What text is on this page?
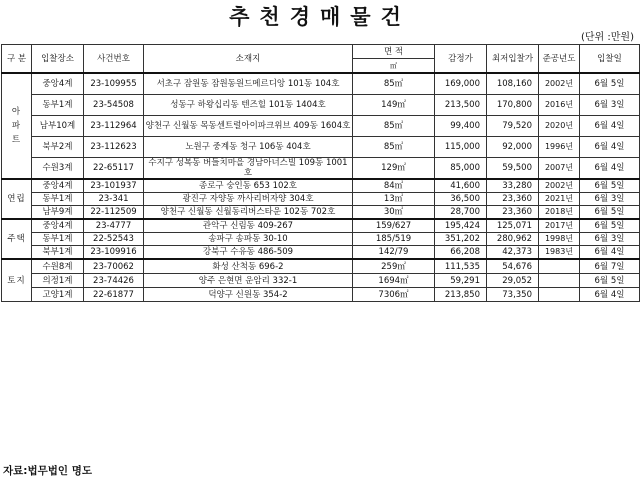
추천경매물건
(단위 :만원)
구 분	입찰장소	사건번호	소재지	면 적	감정가	최저입찰가	준공년도	입찰일
				㎡				
아파트	중앙4계	23-109955	서초구 잠원동 잠원동원드메르디앙 101동 104호	85㎡	169,000	108,160	2002년	6월 5일
	동부1계	23-54508	성동구 하왕십리동 텐즈힐 101동 1404호	149㎡	213,500	170,800	2016년	6월 3일
	남부10계	23-112964	양천구 신월동 목동센트럴아이파크위브 409동 1604호	85㎡	99,400	79,520	2020년	6월 4일
	북부2계	23-112623	노원구 중계동 청구 106동 404호	85㎡	115,000	92,000	1996년	6월 4일
	수원3계	22-65117	수지구 성복동 버들치마을 경남아너스빌 109동 1001호	129㎡	85,000	59,500	2007년	6월 4일
연립	중앙4계	23-101937	종로구 숭인동 653 102호	84㎡	41,600	33,280	2002년	6월 5일
	동부1계	23-341	광진구 자양동 까사리버자양 304호	13㎡	36,500	23,360	2021년	6월 3일
	남부9계	22-112509	양천구 신월동 신월동리버스타운 102동 702호	30㎡	28,700	23,360	2018년	6월 5일
주택	중앙4계	23-4777	관악구 신림동 409-267	159/627	195,424	125,071	2017년	6월 5일
	동부1계	22-52543	송파구 송파동 30-10	185/519	351,202	280,962	1998년	6월 3일
	북부1계	23-109916	강북구 수유동 486-509	142/79	66,208	42,373	1983년	6월 4일
토지	수원8계	23-70062	화성 산척동 696-2	259㎡	111,535	54,676		6월 7일
	의정1계	23-74426	양주 은현면 운암리 332-1	1694㎡	59,291	29,052		6월 5일
	고양1계	22-61877	덕양구 신원동 354-2	7306㎡	213,850	73,350		6월 4일
자료:법무법인 명도
